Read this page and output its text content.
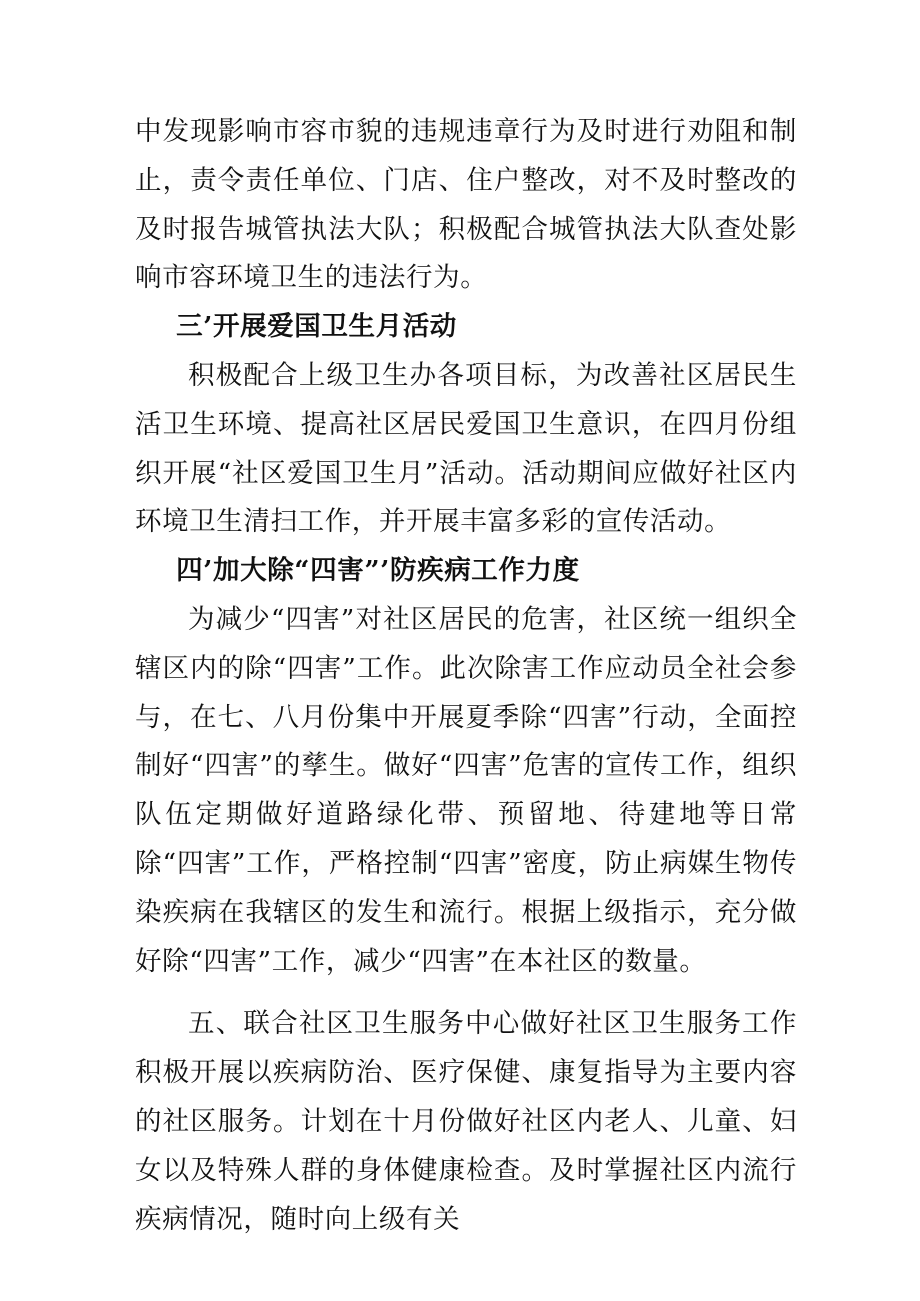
中发现影响市容市貌的违规违章行为及时进行劝阻和制止，责令责任单位、门店、住户整改，对不及时整改的及时报告城管执法大队；积极配合城管执法大队查处影响市容环境卫生的违法行为。

三’开展爱国卫生月活动

积极配合上级卫生办各项目标，为改善社区居民生活卫生环境、提高社区居民爱国卫生意识，在四月份组织开展“社区爱国卫生月”活动。活动期间应做好社区内环境卫生清扫工作，并开展丰富多彩的宣传活动。

四’加大除“四害”’防疾病工作力度

为减少“四害”对社区居民的危害，社区统一组织全辖区内的除“四害”工作。此次除害工作应动员全社会参与，在七、八月份集中开展夏季除“四害”行动，全面控制好“四害”的孳生。做好“四害”危害的宣传工作，组织队伍定期做好道路绿化带、预留地、待建地等日常除“四害”工作，严格控制“四害”密度，防止病媒生物传染疾病在我辖区的发生和流行。根据上级指示，充分做好除“四害”工作，减少“四害”在本社区的数量。

五、联合社区卫生服务中心做好社区卫生服务工作积极开展以疾病防治、医疗保健、康复指导为主要内容的社区服务。计划在十月份做好社区内老人、儿童、妇女以及特殊人群的身体健康检查。及时掌握社区内流行疾病情况，随时向上级有关
